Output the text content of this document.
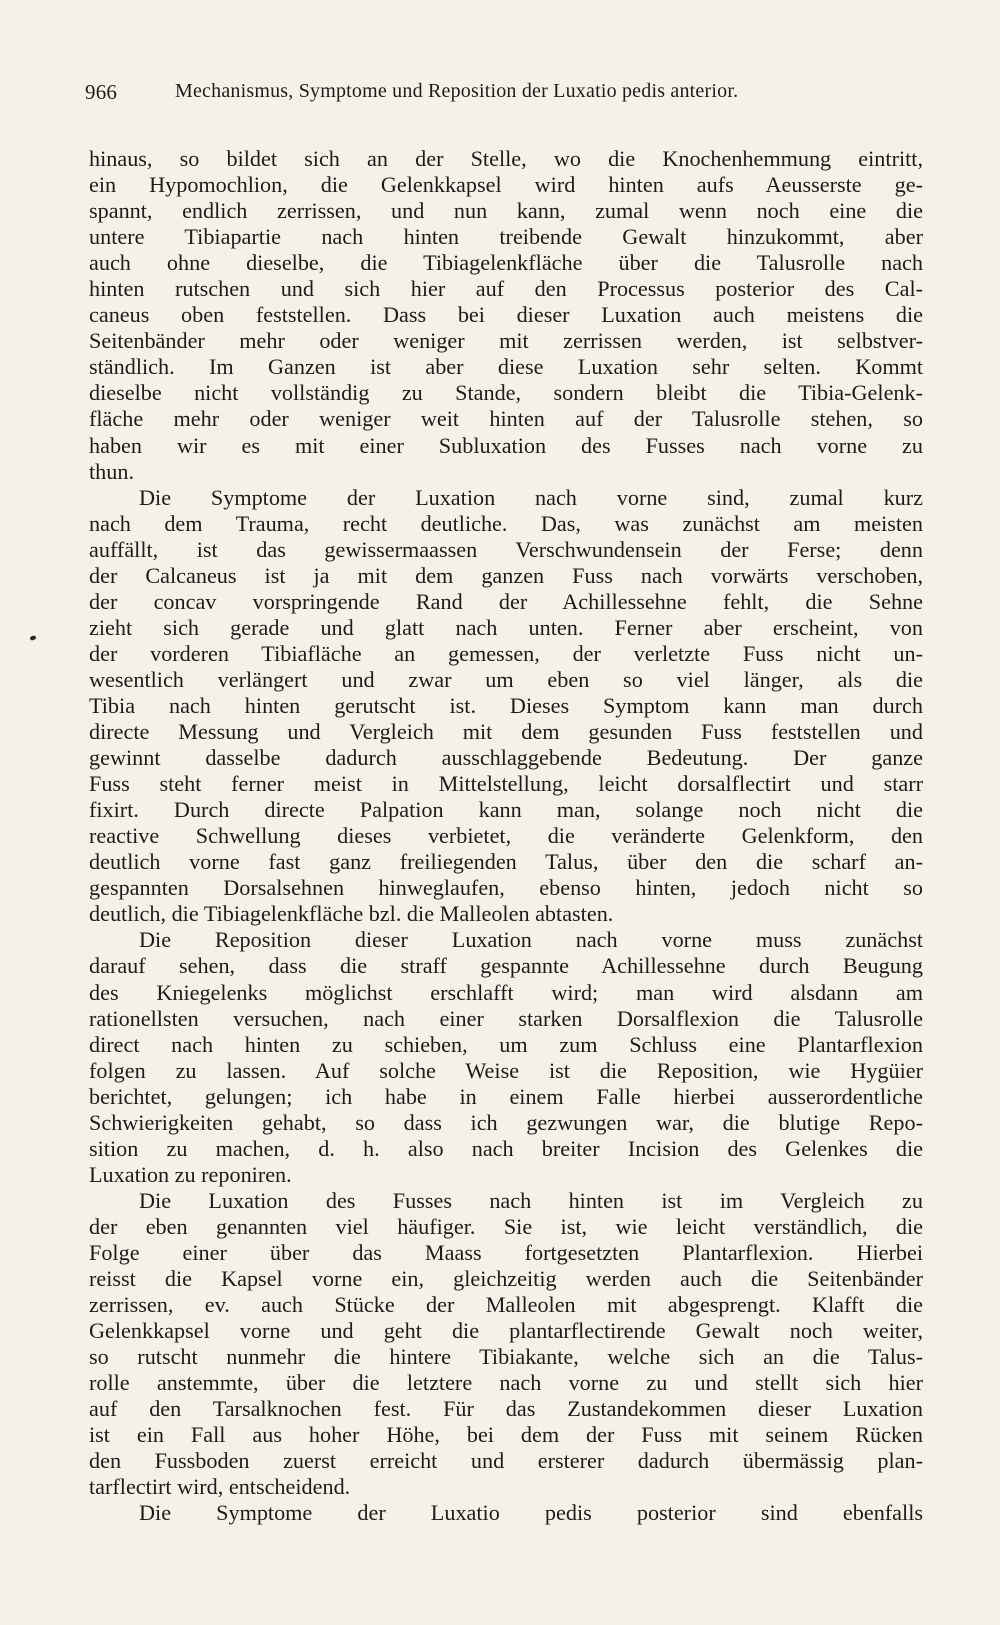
966	Mechanismus, Symptome und Reposition der Luxatio pedis anterior.
hinaus, so bildet sich an der Stelle, wo die Knochenhemmung eintritt,
ein Hypomochlion, die Gelenkkapsel wird hinten aufs Aeusserste ge-
spannt, endlich zerrissen, und nun kann, zumal wenn noch eine die
untere Tibiapartie nach hinten treibende Gewalt hinzukommt, aber
auch ohne dieselbe, die Tibiagelenkfläche über die Talusrolle nach
hinten rutschen und sich hier auf den Processus posterior des Cal-
caneus oben feststellen. Dass bei dieser Luxation auch meistens die
Seitenbänder mehr oder weniger mit zerrissen werden, ist selbstver-
ständlich. Im Ganzen ist aber diese Luxation sehr selten. Kommt
dieselbe nicht vollständig zu Stande, sondern bleibt die Tibia-Gelenk-
fläche mehr oder weniger weit hinten auf der Talusrolle stehen, so
haben wir es mit einer Subluxation des Fusses nach vorne zu
thun.
Die Symptome der Luxation nach vorne sind, zumal kurz
nach dem Trauma, recht deutliche. Das, was zunächst am meisten
auffällt, ist das gewissermaassen Verschwundensein der Ferse; denn
der Calcaneus ist ja mit dem ganzen Fuss nach vorwärts verschoben,
der concav vorspringende Rand der Achillessehne fehlt, die Sehne
zieht sich gerade und glatt nach unten. Ferner aber erscheint, von
der vorderen Tibiafläche an gemessen, der verletzte Fuss nicht un-
wesentlich verlängert und zwar um eben so viel länger, als die
Tibia nach hinten gerutscht ist. Dieses Symptom kann man durch
directe Messung und Vergleich mit dem gesunden Fuss feststellen und
gewinnt dasselbe dadurch ausschlaggebende Bedeutung. Der ganze
Fuss steht ferner meist in Mittelstellung, leicht dorsalflectirt und starr
fixirt. Durch directe Palpation kann man, solange noch nicht die
reactive Schwellung dieses verbietet, die veränderte Gelenkform, den
deutlich vorne fast ganz freiliegenden Talus, über den die scharf an-
gespannten Dorsalsehnen hinweglaufen, ebenso hinten, jedoch nicht so
deutlich, die Tibiagelenkfläche bzl. die Malleolen abtasten.
Die Reposition dieser Luxation nach vorne muss zunächst
darauf sehen, dass die straff gespannte Achillessehne durch Beugung
des Kniegelenks möglichst erschlafft wird; man wird alsdann am
rationellsten versuchen, nach einer starken Dorsalflexion die Talusrolle
direct nach hinten zu schieben, um zum Schluss eine Plantarflexion
folgen zu lassen. Auf solche Weise ist die Reposition, wie Hygüier
berichtet, gelungen; ich habe in einem Falle hierbei ausserordentliche
Schwierigkeiten gehabt, so dass ich gezwungen war, die blutige Repo-
sition zu machen, d. h. also nach breiter Incision des Gelenkes die
Luxation zu reponiren.
Die Luxation des Fusses nach hinten ist im Vergleich zu
der eben genannten viel häufiger. Sie ist, wie leicht verständlich, die
Folge einer über das Maass fortgesetzten Plantarflexion. Hierbei
reisst die Kapsel vorne ein, gleichzeitig werden auch die Seitenbänder
zerrissen, ev. auch Stücke der Malleolen mit abgesprengt. Klafft die
Gelenkkapsel vorne und geht die plantarflectirende Gewalt noch weiter,
so rutscht nunmehr die hintere Tibiakante, welche sich an die Talus-
rolle anstemmte, über die letztere nach vorne zu und stellt sich hier
auf den Tarsalknochen fest. Für das Zustandekommen dieser Luxation
ist ein Fall aus hoher Höhe, bei dem der Fuss mit seinem Rücken
den Fussboden zuerst erreicht und ersterer dadurch übermässig plan-
tarflectirt wird, entscheidend.
Die Symptome der Luxatio pedis posterior sind ebenfalls
